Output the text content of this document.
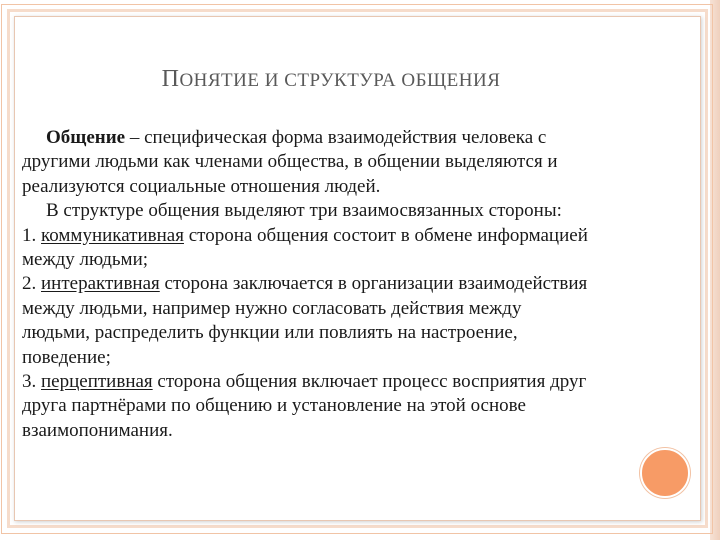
ПОНЯТИЕ И СТРУКТУРА ОБЩЕНИЯ

Общение – специфическая форма взаимодействия человека с

другими людьми как членами общества, в общении выделяются и

реализуются социальные отношения людей.

В структуре общения выделяют три взаимосвязанных стороны:

1. коммуникативная сторона общения состоит в обмене информацией

между людьми;

2. интерактивная сторона заключается в организации взаимодействия

между людьми, например нужно согласовать действия между

людьми, распределить функции или повлиять на настроение,

поведение;

3. перцептивная сторона общения включает процесс восприятия друг

друга партнёрами по общению и установление на этой основе

взаимопонимания.
